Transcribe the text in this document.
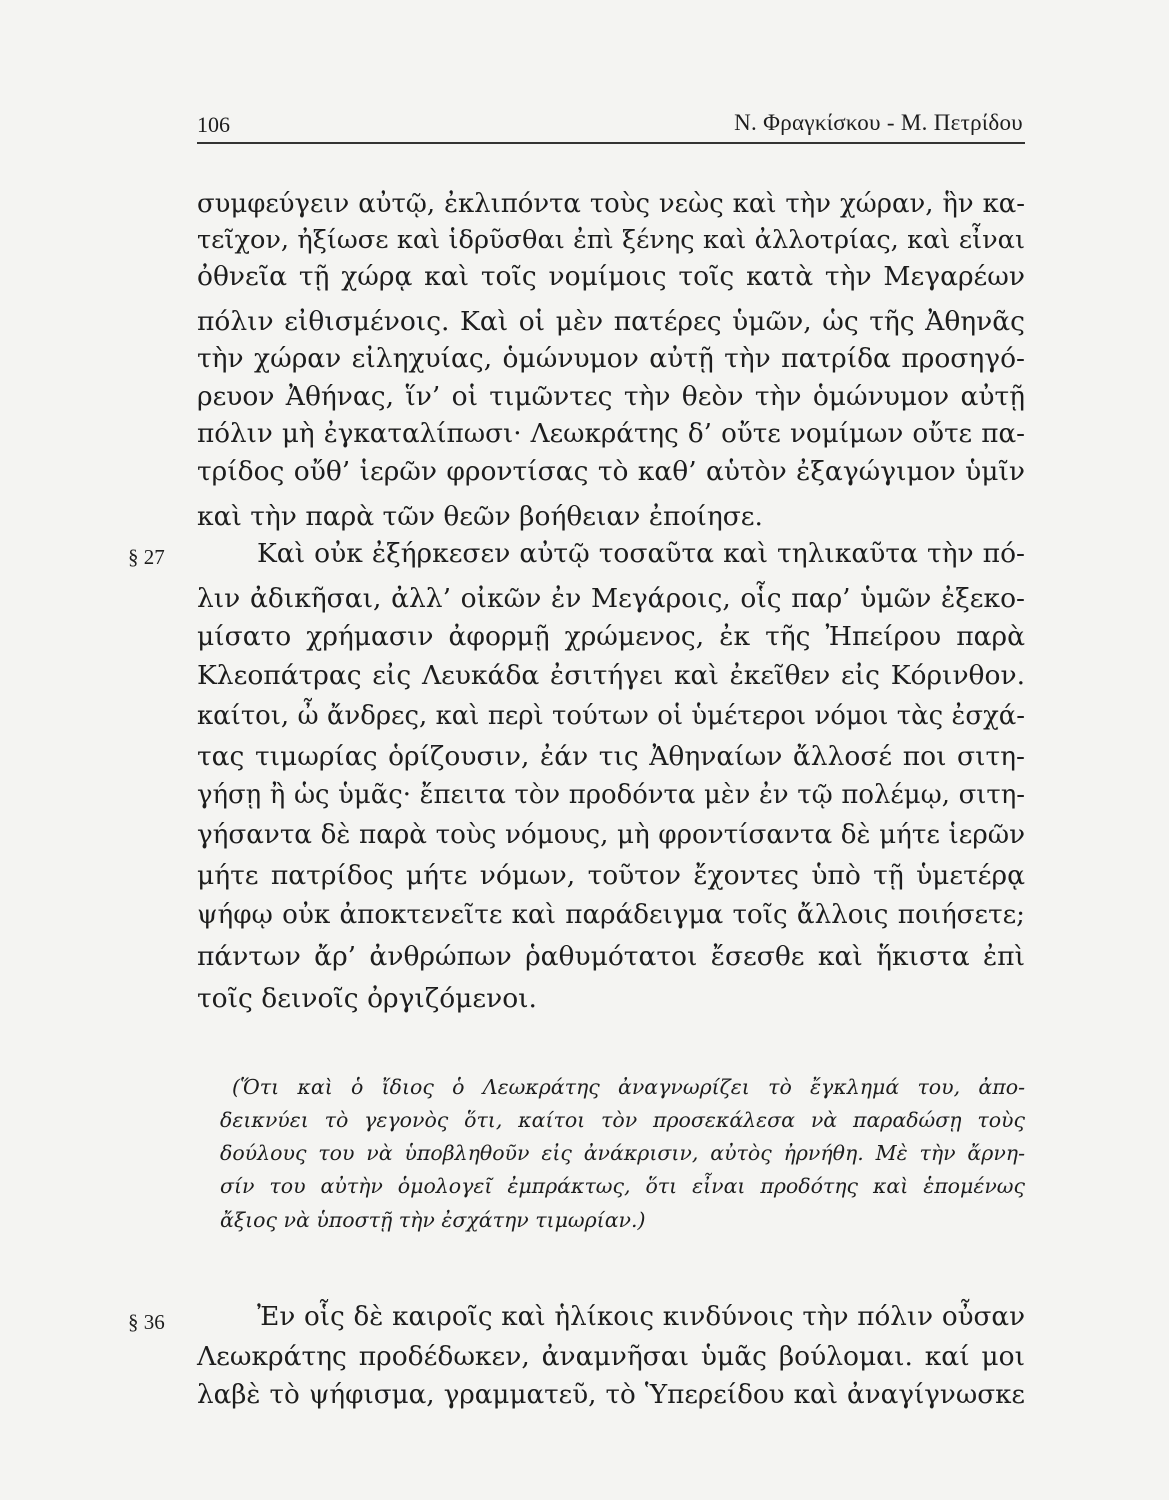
106	Ν. Φραγκίσκου - Μ. Πετρίδου
συμφεύγειν αὐτῷ, ἐκλιπόντα τοὺς νεὼς καὶ τὴν χώραν, ἣν κα-
τεῖχον, ἠξίωσε καὶ ἱδρῦσθαι ἐπὶ ξένης καὶ ἀλλοτρίας, καὶ εἶναι
ὀθνεῖα τῇ χώρᾳ καὶ τοῖς νομίμοις τοῖς κατὰ τὴν Μεγαρέων
πόλιν εἰθισμένοις. Καὶ οἱ μὲν πατέρες ὑμῶν, ὡς τῆς Ἀθηνᾶς
τὴν χώραν εἰληχυίας, ὁμώνυμον αὐτῇ τὴν πατρίδα προσηγό-
ρευον Ἀθήνας, ἵν’ οἱ τιμῶντες τὴν θεὸν τὴν ὁμώνυμον αὐτῇ
πόλιν μὴ ἐγκαταλίπωσι· Λεωκράτης δ’ οὔτε νομίμων οὔτε πα-
τρίδος οὔθ’ ἱερῶν φροντίσας τὸ καθ’ αὑτὸν ἐξαγώγιμον ὑμῖν
καὶ τὴν παρὰ τῶν θεῶν βοήθειαν ἐποίησε.
§ 27	Καὶ οὐκ ἐξήρκεσεν αὐτῷ τοσαῦτα καὶ τηλικαῦτα τὴν πό-
λιν ἀδικῆσαι, ἀλλ’ οἰκῶν ἐν Μεγάροις, οἷς παρ’ ὑμῶν ἐξεκο-
μίσατο χρήμασιν ἀφορμῇ χρώμενος, ἐκ τῆς Ἠπείρου παρὰ
Κλεοπάτρας εἰς Λευκάδα ἐσιτήγει καὶ ἐκεῖθεν εἰς Κόρινθον.
καίτοι, ὦ ἄνδρες, καὶ περὶ τούτων οἱ ὑμέτεροι νόμοι τὰς ἐσχά-
τας τιμωρίας ὁρίζουσιν, ἐάν τις Ἀθηναίων ἄλλοσέ ποι σιτη-
γήσῃ ἢ ὡς ὑμᾶς· ἔπειτα τὸν προδόντα μὲν ἐν τῷ πολέμῳ, σιτη-
γήσαντα δὲ παρὰ τοὺς νόμους, μὴ φροντίσαντα δὲ μήτε ἱερῶν
μήτε πατρίδος μήτε νόμων, τοῦτον ἔχοντες ὑπὸ τῇ ὑμετέρᾳ
ψήφῳ οὐκ ἀποκτενεῖτε καὶ παράδειγμα τοῖς ἄλλοις ποιήσετε;
πάντων ἄρ’ ἀνθρώπων ῥαθυμότατοι ἔσεσθε καὶ ἥκιστα ἐπὶ
τοῖς δεινοῖς ὀργιζόμενοι.
(Ὅτι καὶ ὁ ἴδιος ὁ Λεωκράτης ἀναγνωρίζει τὸ ἔγκλημά του, ἀπο-
δεικνύει τὸ γεγονὸς ὅτι, καίτοι τὸν προσεκάλεσα νὰ παραδώσῃ τοὺς
δούλους του νὰ ὑποβληθοῦν εἰς ἀνάκρισιν, αὐτὸς ἠρνήθη. Μὲ τὴν ἄρνη-
σίν του αὐτὴν ὁμολογεῖ ἐμπράκτως, ὅτι εἶναι προδότης καὶ ἑπομένως
ἄξιος νὰ ὑποστῇ τὴν ἐσχάτην τιμωρίαν.)
§ 36	Ἐν οἷς δὲ καιροῖς καὶ ἡλίκοις κινδύνοις τὴν πόλιν οὖσαν
Λεωκράτης προδέδωκεν, ἀναμνῆσαι ὑμᾶς βούλομαι. καί μοι
λαβὲ τὸ ψήφισμα, γραμματεῦ, τὸ Ὑπερείδου καὶ ἀναγίγνωσκε
